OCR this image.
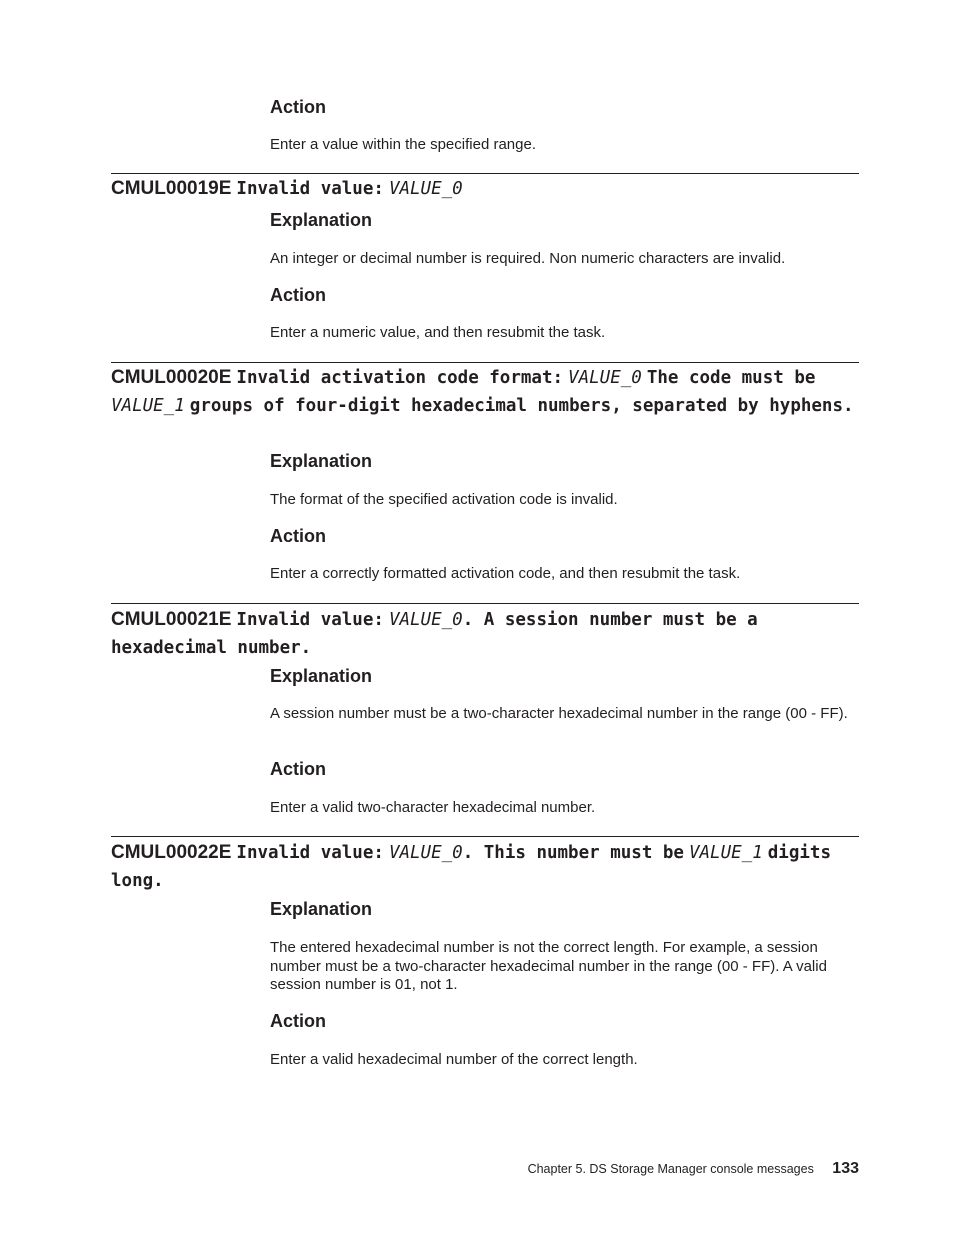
Action

Enter a value within the specified range.

CMUL00019E Invalid value: VALUE_0
Explanation

An integer or decimal number is required. Non numeric characters are invalid.

Action

Enter a numeric value, and then resubmit the task.

CMUL00020E Invalid activation code format: VALUE_0 The code must be VALUE_1 groups of four-digit hexadecimal numbers, separated by hyphens.
Explanation

The format of the specified activation code is invalid.

Action

Enter a correctly formatted activation code, and then resubmit the task.

CMUL00021E Invalid value: VALUE_0. A session number must be a hexadecimal number.
Explanation

A session number must be a two-character hexadecimal number in the range (00 - FF).

Action

Enter a valid two-character hexadecimal number.

CMUL00022E Invalid value: VALUE_0. This number must be VALUE_1 digits long.
Explanation

The entered hexadecimal number is not the correct length. For example, a session number must be a two-character hexadecimal number in the range (00 - FF). A valid session number is 01, not 1.

Action

Enter a valid hexadecimal number of the correct length.

Chapter 5. DS Storage Manager console messages 133
